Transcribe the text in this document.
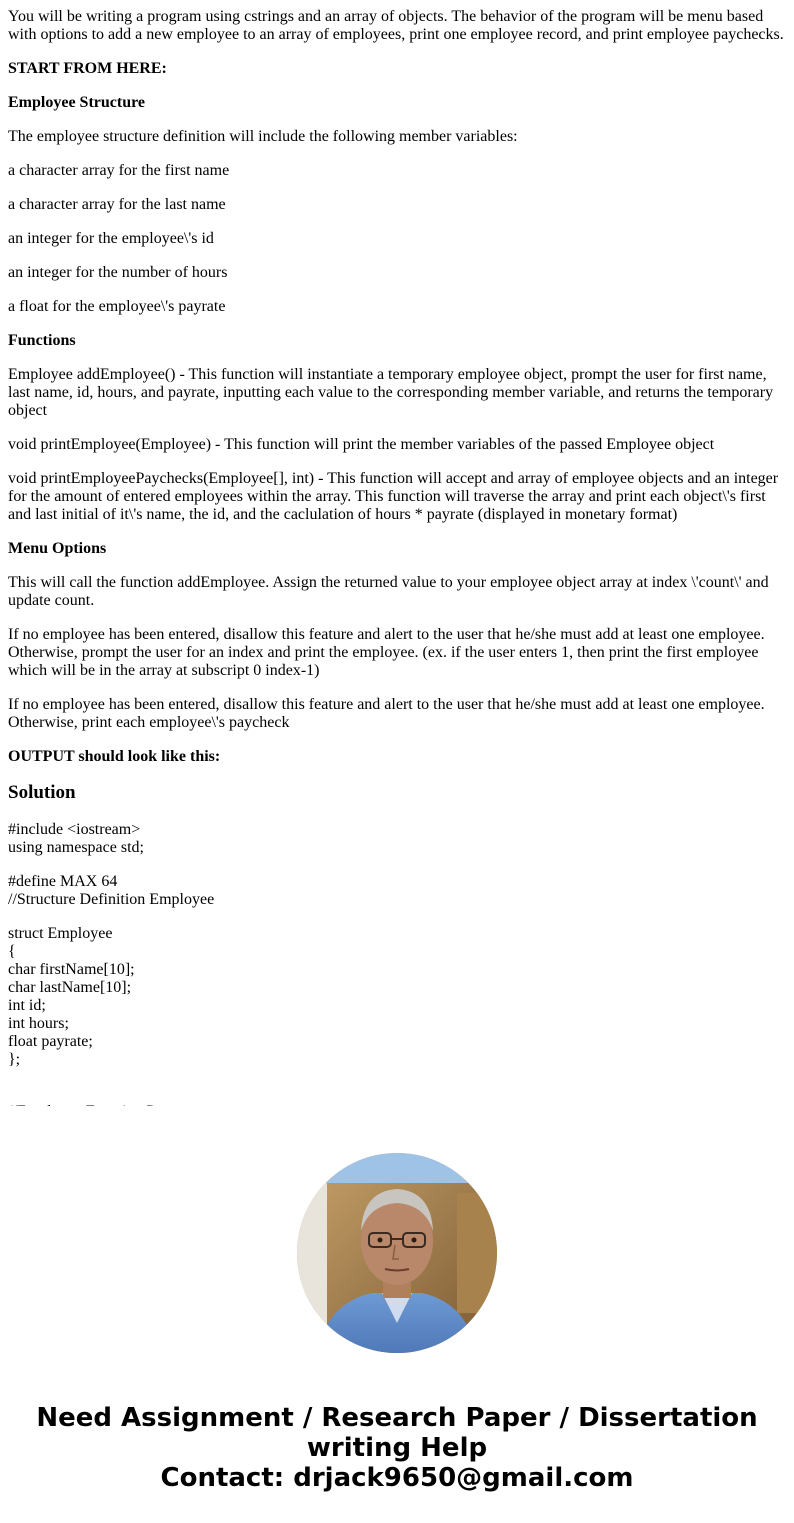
You will be writing a program using cstrings and an array of objects. The behavior of the program will be menu based with options to add a new employee to an array of employees, print one employee record, and print employee paychecks.

START FROM HERE:

Employee Structure

The employee structure definition will include the following member variables:

a character array for the first name

a character array for the last name

an integer for the employee\'s id

an integer for the number of hours

a float for the employee\'s payrate

Functions

Employee addEmployee() - This function will instantiate a temporary employee object, prompt the user for first name, last name, id, hours, and payrate, inputting each value to the corresponding member variable, and returns the temporary object

void printEmployee(Employee) - This function will print the member variables of the passed Employee object

void printEmployeePaychecks(Employee[], int) - This function will accept and array of employee objects and an integer for the amount of entered employees within the array. This function will traverse the array and print each object\'s first and last initial of it\'s name, the id, and the caclulation of hours * payrate (displayed in monetary format)

Menu Options

This will call the function addEmployee. Assign the returned value to your employee object array at index \'count\' and update count.

If no employee has been entered, disallow this feature and alert to the user that he/she must add at least one employee. Otherwise, prompt the user for an index and print the employee. (ex. if the user enters 1, then print the first employee which will be in the array at subscript 0 index-1)

If no employee has been entered, disallow this feature and alert to the user that he/she must add at least one employee. Otherwise, print each employee\'s paycheck

OUTPUT should look like this:

Solution
#include <iostream>
using namespace std;
#define MAX 64
//Structure Definition Employee
struct Employee
{
char firstName[10];
char lastName[10];
int id;
int hours;
float payrate;
};
Need Assignment / Research Paper / Dissertation
writing Help
Contact: drjack9650@gmail.com
